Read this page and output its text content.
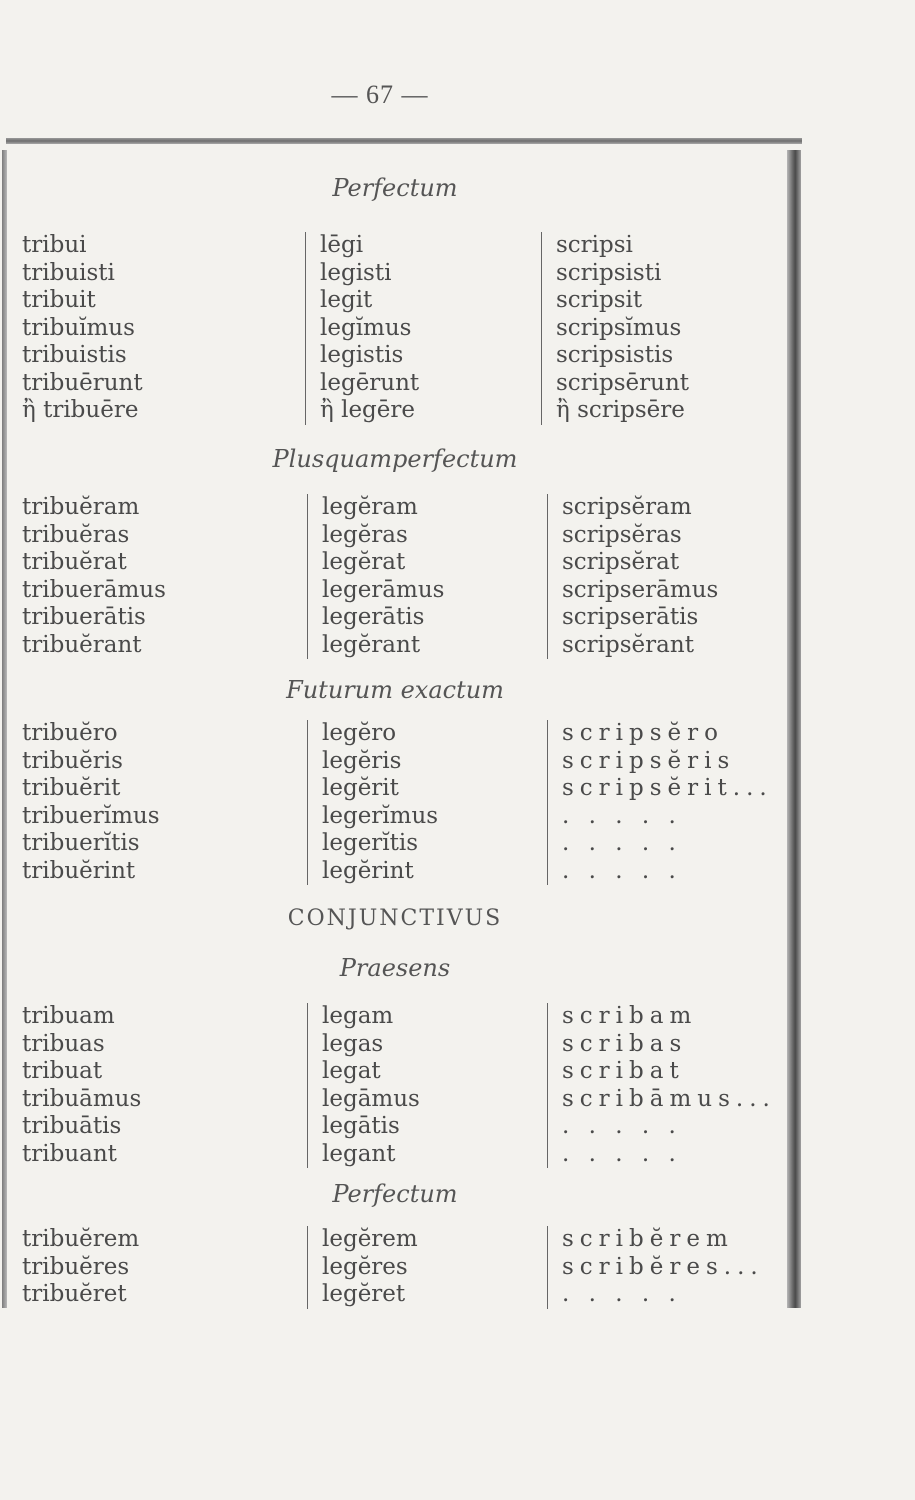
— 67 —
Perfectum
tribui
tribuisti
tribuit
tribuĭmus
tribuistis
tribuērunt
ἢ tribuēre
lēgi
legisti
legit
legĭmus
legistis
legērunt
ἢ legēre
scripsi
scripsisti
scripsit
scripsĭmus
scripsistis
scripsērunt
ἢ scripsēre
Plusquamperfectum
tribuĕram
tribuĕras
tribuĕrat
tribuerāmus
tribuerātis
tribuĕrant
legĕram
legĕras
legĕrat
legerāmus
legerātis
legĕrant
scripsĕram
scripsĕras
scripsĕrat
scripserāmus
scripserātis
scripsĕrant
Futurum exactum
tribuĕro
tribuĕris
tribuĕrit
tribuerĭmus
tribuerĭtis
tribuĕrint
legĕro
legĕris
legĕrit
legerĭmus
legerĭtis
legĕrint
scripsĕro
scripsĕris
scripsĕrit...
. . . . .
. . . . .
. . . . .
CONJUNCTIVUS
Praesens
tribuam
tribuas
tribuat
tribuāmus
tribuātis
tribuant
legam
legas
legat
legāmus
legātis
legant
scribam
scribas
scribat
scribāmus...
. . . . .
. . . . .
Perfectum
tribuĕrem
tribuĕres
tribuĕret
legĕrem
legĕres
legĕret
scribĕrem
scribĕres...
. . . . .
